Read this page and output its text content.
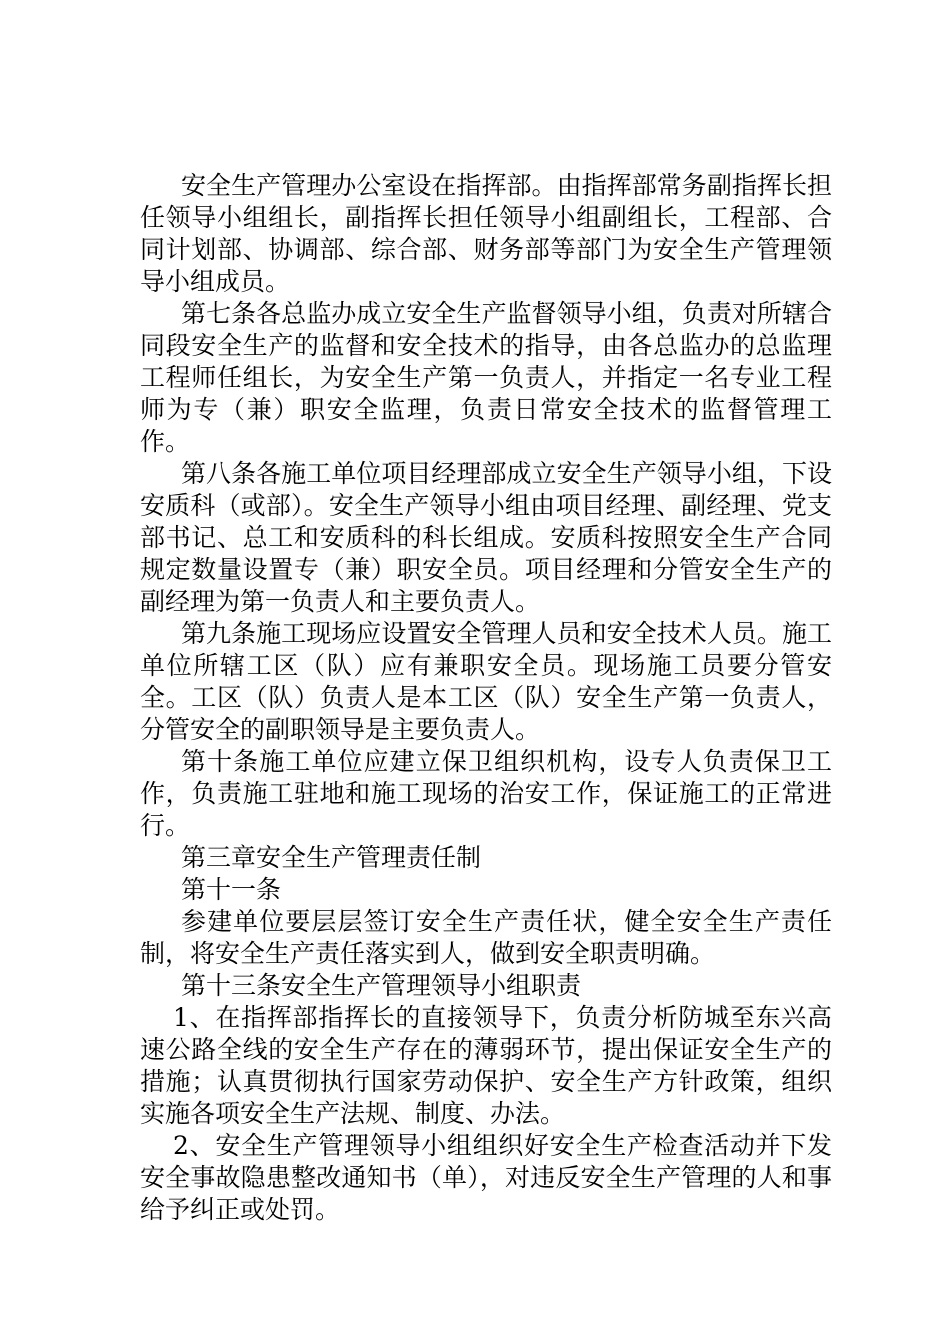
安全生产管理办公室设在指挥部。由指挥部常务副指挥长担任领导小组组长，副指挥长担任领导小组副组长，工程部、合同计划部、协调部、综合部、财务部等部门为安全生产管理领导小组成员。

第七条各总监办成立安全生产监督领导小组，负责对所辖合同段安全生产的监督和安全技术的指导，由各总监办的总监理工程师任组长，为安全生产第一负责人，并指定一名专业工程师为专（兼）职安全监理，负责日常安全技术的监督管理工作。

第八条各施工单位项目经理部成立安全生产领导小组，下设安质科（或部）。安全生产领导小组由项目经理、副经理、党支部书记、总工和安质科的科长组成。安质科按照安全生产合同规定数量设置专（兼）职安全员。项目经理和分管安全生产的副经理为第一负责人和主要负责人。

第九条施工现场应设置安全管理人员和安全技术人员。施工单位所辖工区（队）应有兼职安全员。现场施工员要分管安全。工区（队）负责人是本工区（队）安全生产第一负责人，分管安全的副职领导是主要负责人。

第十条施工单位应建立保卫组织机构，设专人负责保卫工作，负责施工驻地和施工现场的治安工作，保证施工的正常进行。

第三章安全生产管理责任制

第十一条

参建单位要层层签订安全生产责任状，健全安全生产责任制，将安全生产责任落实到人，做到安全职责明确。

第十三条安全生产管理领导小组职责

1、在指挥部指挥长的直接领导下，负责分析防城至东兴高速公路全线的安全生产存在的薄弱环节，提出保证安全生产的措施；认真贯彻执行国家劳动保护、安全生产方针政策，组织实施各项安全生产法规、制度、办法。

2、安全生产管理领导小组组织好安全生产检查活动并下发安全事故隐患整改通知书（单），对违反安全生产管理的人和事给予纠正或处罚。
